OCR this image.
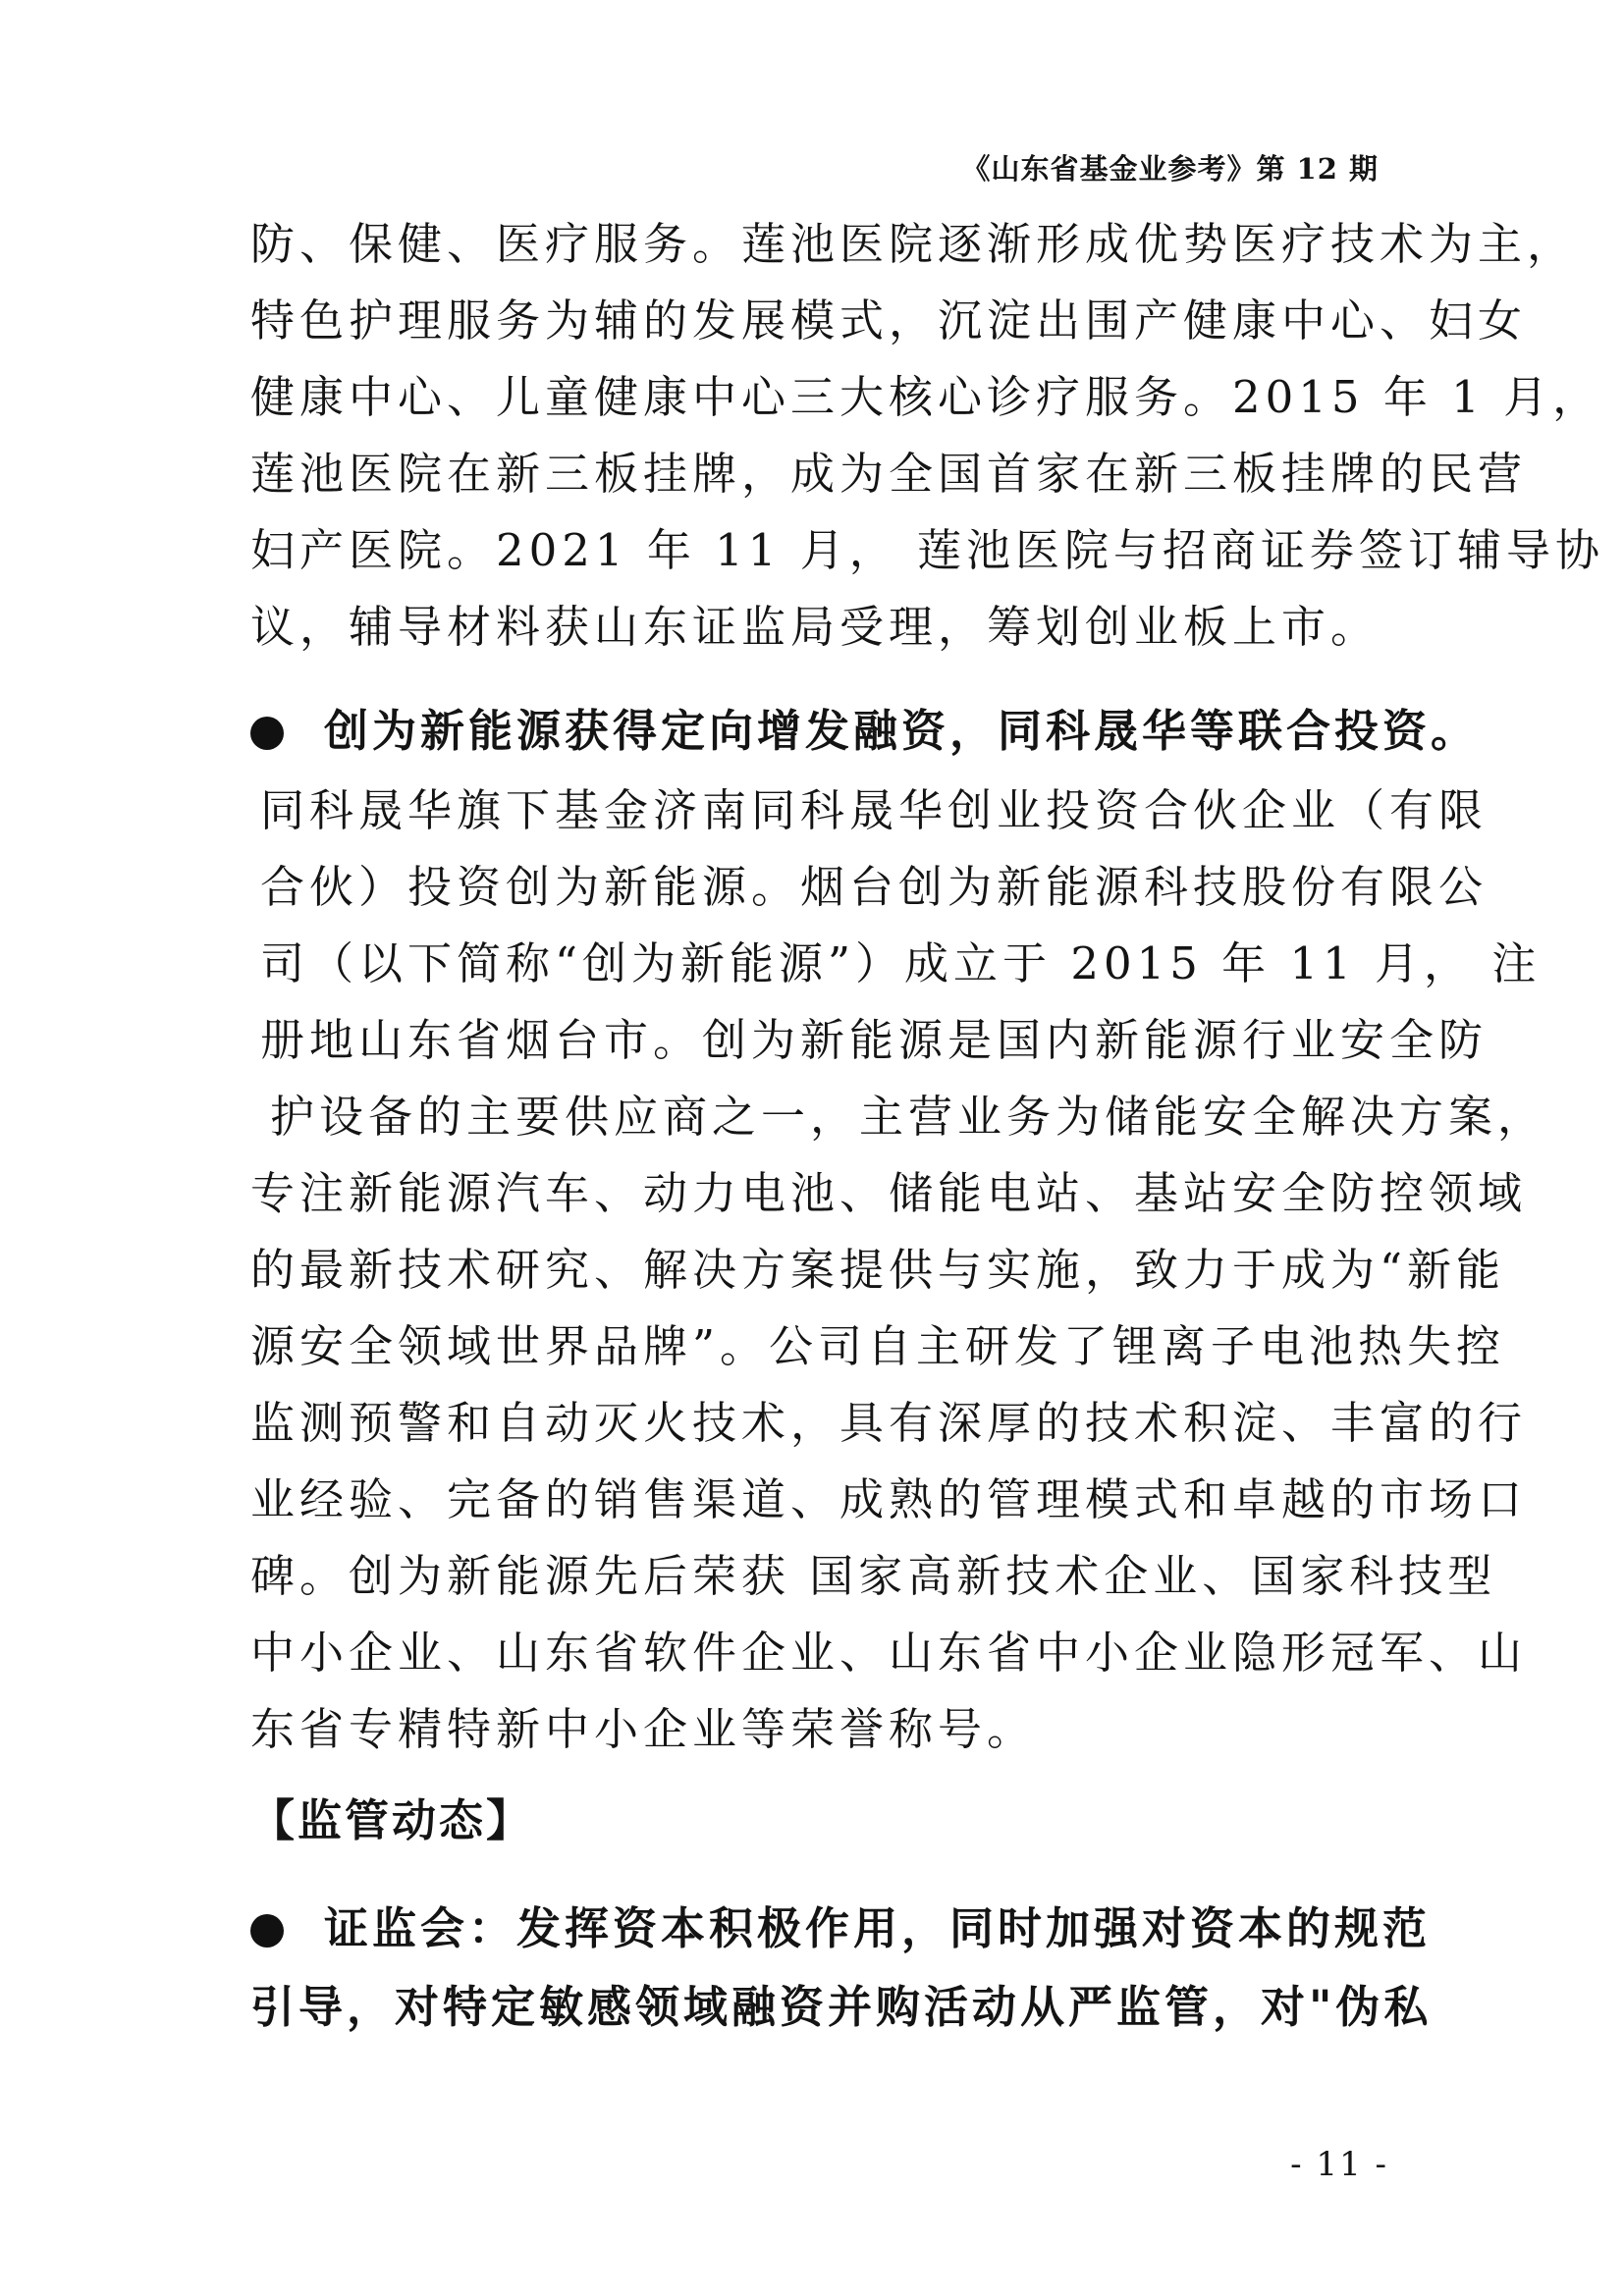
《山东省基金业参考》第 12 期
防、保健、医疗服务。莲池医院逐渐形成优势医疗技术为主，
特色护理服务为辅的发展模式，沉淀出围产健康中心、妇女
健康中心、儿童健康中心三大核心诊疗服务。2015 年 1 月，
莲池医院在新三板挂牌，成为全国首家在新三板挂牌的民营
妇产医院。2021 年 11 月， 莲池医院与招商证券签订辅导协
议，辅导材料获山东证监局受理，筹划创业板上市。
创为新能源获得定向增发融资，同科晟华等联合投资。
同科晟华旗下基金济南同科晟华创业投资合伙企业（有限
合伙）投资创为新能源。烟台创为新能源科技股份有限公
司（以下简称“创为新能源”）成立于 2015 年 11 月， 注
册地山东省烟台市。创为新能源是国内新能源行业安全防
护设备的主要供应商之一，主营业务为储能安全解决方案，
专注新能源汽车、动力电池、储能电站、基站安全防控领域
的最新技术研究、解决方案提供与实施，致力于成为“新能
源安全领域世界品牌”。公司自主研发了锂离子电池热失控
监测预警和自动灭火技术，具有深厚的技术积淀、丰富的行
业经验、完备的销售渠道、成熟的管理模式和卓越的市场口
碑。创为新能源先后荣获 国家高新技术企业、国家科技型
中小企业、山东省软件企业、山东省中小企业隐形冠军、山
东省专精特新中小企业等荣誉称号。
【监管动态】
证监会：发挥资本积极作用，同时加强对资本的规范
引导，对特定敏感领域融资并购活动从严监管，对"伪私
- 11 -
